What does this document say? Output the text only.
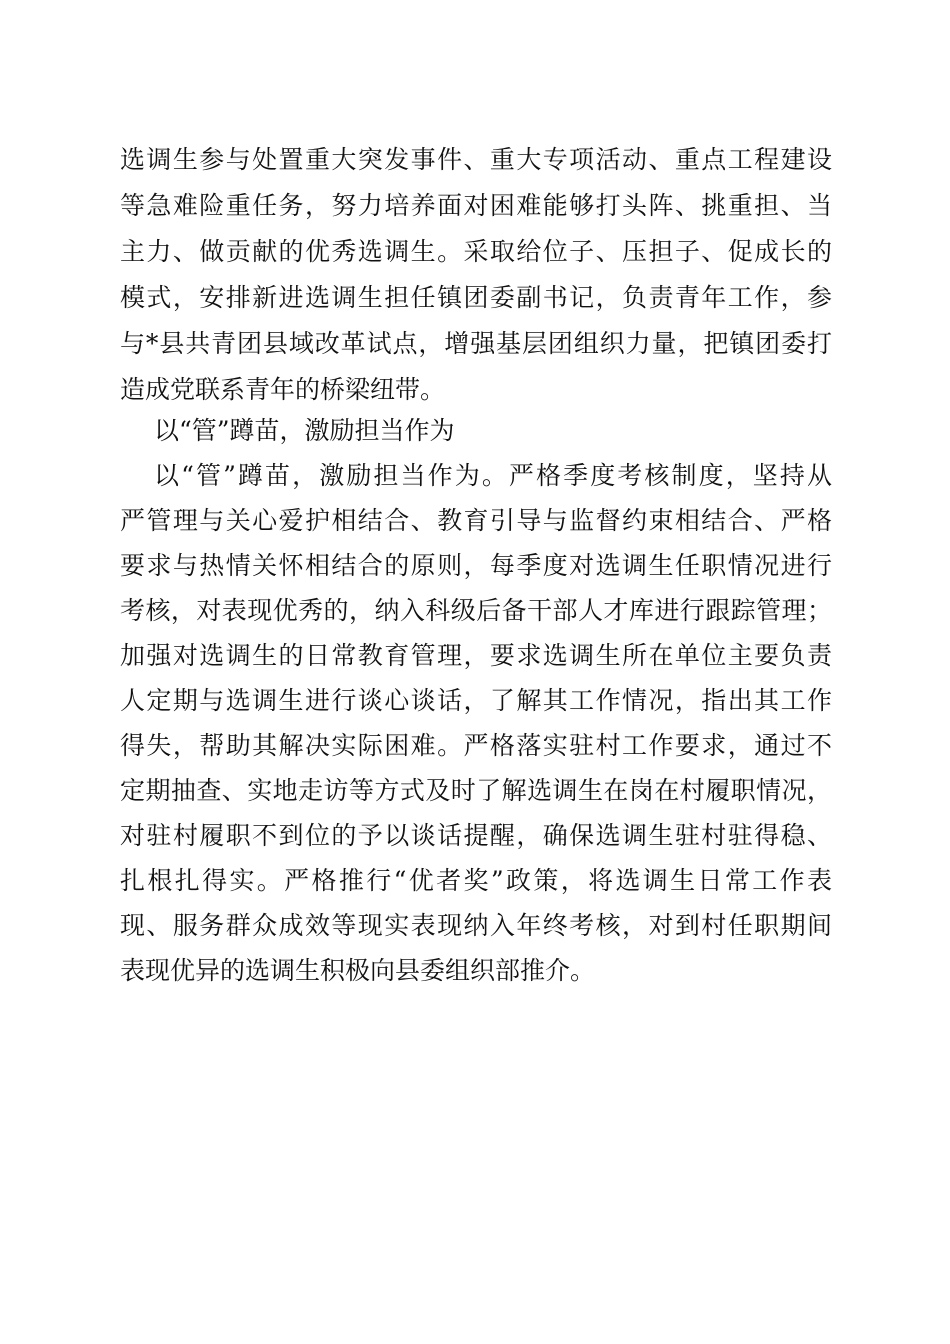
选调生参与处置重大突发事件、重大专项活动、重点工程建设
等急难险重任务，努力培养面对困难能够打头阵、挑重担、当
主力、做贡献的优秀选调生。采取给位子、压担子、促成长的
模式，安排新进选调生担任镇团委副书记，负责青年工作，参
与*县共青团县域改革试点，增强基层团组织力量，把镇团委打
造成党联系青年的桥梁纽带。
以“管”蹲苗，激励担当作为
以“管”蹲苗，激励担当作为。严格季度考核制度，坚持从
严管理与关心爱护相结合、教育引导与监督约束相结合、严格
要求与热情关怀相结合的原则，每季度对选调生任职情况进行
考核，对表现优秀的，纳入科级后备干部人才库进行跟踪管理；
加强对选调生的日常教育管理，要求选调生所在单位主要负责
人定期与选调生进行谈心谈话，了解其工作情况，指出其工作
得失，帮助其解决实际困难。严格落实驻村工作要求，通过不
定期抽查、实地走访等方式及时了解选调生在岗在村履职情况，
对驻村履职不到位的予以谈话提醒，确保选调生驻村驻得稳、
扎根扎得实。严格推行“优者奖”政策，将选调生日常工作表
现、服务群众成效等现实表现纳入年终考核，对到村任职期间
表现优异的选调生积极向县委组织部推介。
